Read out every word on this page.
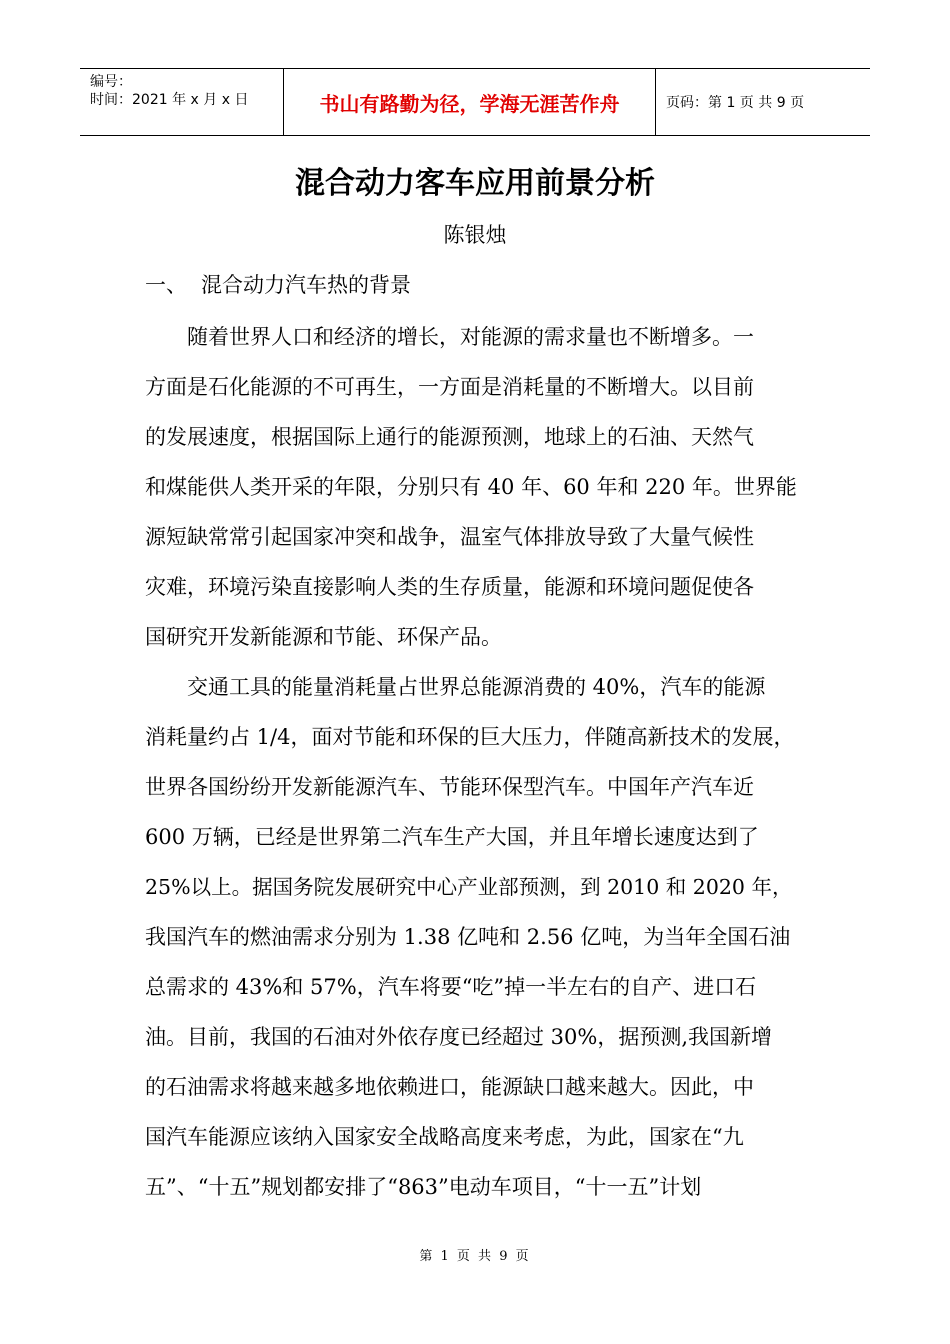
编号：
时间：2021 年 x 月 x 日	书山有路勤为径，学海无涯苦作舟	页码：第 1 页 共 9 页
混合动力客车应用前景分析
陈银烛
一、 混合动力汽车热的背景
　　随着世界人口和经济的增长，对能源的需求量也不断增多。一
方面是石化能源的不可再生，一方面是消耗量的不断增大。以目前
的发展速度，根据国际上通行的能源预测，地球上的石油、天然气
和煤能供人类开采的年限，分别只有 40 年、60 年和 220 年。世界能
源短缺常常引起国家冲突和战争，温室气体排放导致了大量气候性
灾难，环境污染直接影响人类的生存质量，能源和环境问题促使各
国研究开发新能源和节能、环保产品。
　　交通工具的能量消耗量占世界总能源消费的 40%，汽车的能源
消耗量约占 1/4，面对节能和环保的巨大压力，伴随高新技术的发展，
世界各国纷纷开发新能源汽车、节能环保型汽车。中国年产汽车近
600 万辆，已经是世界第二汽车生产大国，并且年增长速度达到了
25%以上。据国务院发展研究中心产业部预测，到 2010 和 2020 年，
我国汽车的燃油需求分别为 1.38 亿吨和 2.56 亿吨，为当年全国石油
总需求的 43%和 57%，汽车将要“吃”掉一半左右的自产、进口石
油。目前，我国的石油对外依存度已经超过 30%，据预测,我国新增
的石油需求将越来越多地依赖进口，能源缺口越来越大。因此，中
国汽车能源应该纳入国家安全战略高度来考虑，为此，国家在“九
五”、“十五”规划都安排了“863”电动车项目，“十一五”计划
第 1 页 共 9 页
